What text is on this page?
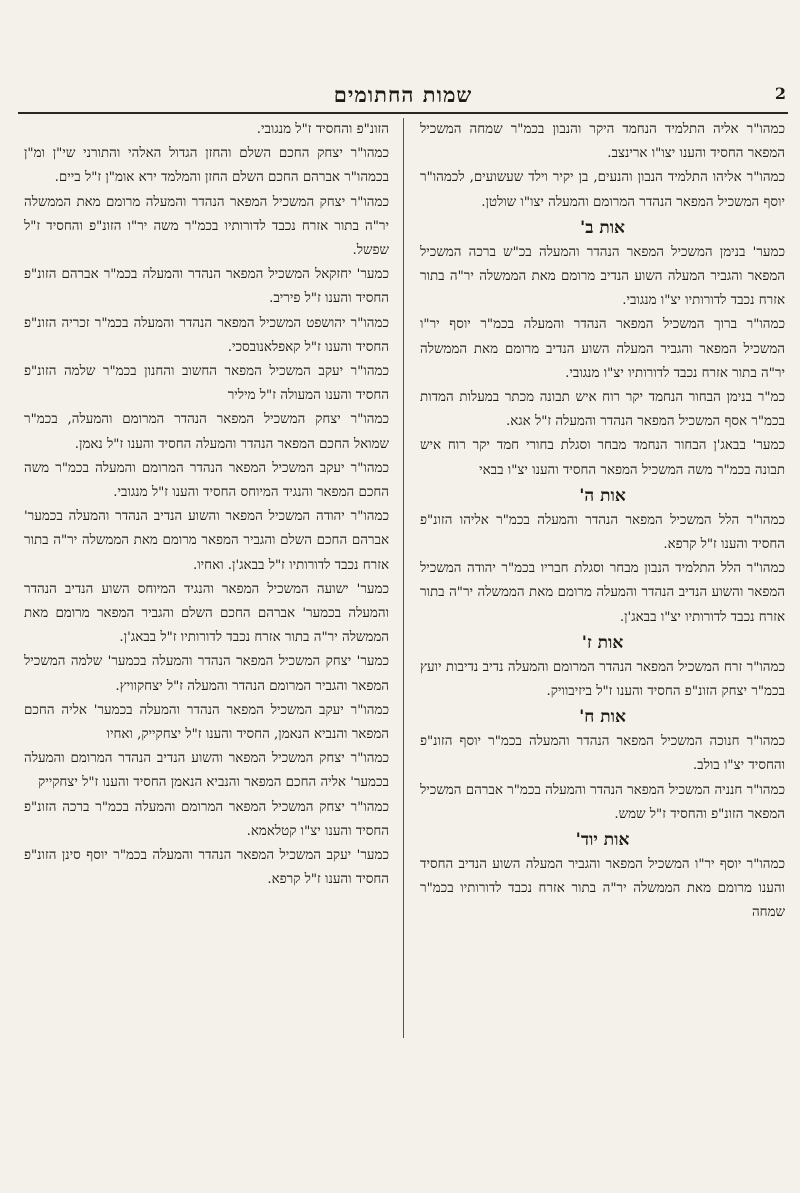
שמות החתומים	2

כמהו"ר אליה התלמיד הנחמד היקר והנבון בכמ"ר שמחה המשכיל המפאר החסיד והענו יצו"ו ארינצב.

כמהו"ר אליהו התלמיד הנבון והנעים, בן יקיר וילד שעשועים, לכמהו"ר יוסף המשכיל המפאר הנהדר המרומם והמעלה יצו"ו שולטן.

אות ב'

כמער' בנימן המשכיל המפאר הנהדר והמעלה בכ"ש ברכה המשכיל המפאר והגביר המעלה השוע הנדיב מרומם מאת הממשלה יר"ה בתור אזרח נכבד לדורותיו יצ"ו מנגובי.

כמהו"ר ברוך המשכיל המפאר הנהדר והמעלה בכמ"ר יוסף יר"ו המשכיל המפאר והגביר המעלה השוע הנדיב מרומם מאת הממשלה יר"ה בתור אזרח נכבד לדורותיו יצ"ו מנגובי.

כמ"ר בנימן הבחור הנחמד יקר רוח איש תבונה מכתר במעלות המדות בכמ"ר אסף המשכיל המפאר הנהדר והמעלה ז"ל אגא.

כמער' בבאג'ן הבחור הנחמד מבחר וסגלת בחורי חמד יקר רוח איש תבונה בכמ"ר משה המשכיל המפאר החסיד והענו יצ"ו בבאי

אות ה'

כמהו"ר הלל המשכיל המפאר הנהדר והמעלה בכמ"ר אליהו הזונ"פ החסיד והענו ז"ל קרפא.

כמהו"ר הלל התלמיד הנבון מבחר וסגלת חבריו בכמ"ר יהודה המשכיל המפאר והשוע הנדיב הנהדר והמעלה מרומם מאת הממשלה יר"ה בתור אזרח נכבד לדורותיו יצ"ו בבאג'ן.

אות ז'

כמהו"ר זרח המשכיל המפאר הנהדר המרומם והמעלה נדיב נדיבות יועץ בכמ"ר יצחק הזונ"פ החסיד והענו ז"ל ביזיבוויק.

אות ח'

כמהו"ר חנוכה המשכיל המפאר הנהדר והמעלה בכמ"ר יוסף הזונ"פ והחסיד יצ"ו בולב.

כמהו"ר חנניה המשכיל המפאר הנהדר והמעלה בכמ"ר אברהם המשכיל המפאר הזונ"פ והחסיד ז"ל שמש.

אות יוד'

כמהו"ר יוסף יר"ו המשכיל המפאר והגביר המעלה השוע הנדיב החסיד והענו מרומם מאת הממשלה יר"ה בתור אזרח נכבד לדורותיו בכמ"ר שמחה

הזונ"פ והחסיד ז"ל מנגובי.

כמהו"ר יצחק החכם השלם והחזן הגדול האלהי והתורני שי"ן ומ"ן בכמהו"ר אברהם החכם השלם החזן והמלמד ירא אומ"ן ז"ל ביים.

כמהו"ר יצחק המשכיל המפאר הנהדר והמעלה מרומם מאת הממשלה יר"ה בתור אזרח נכבד לדורותיו בכמ"ר משה יר"ו הזונ"פ והחסיד ז"ל שפשל.

כמער' יחזקאל המשכיל המפאר הנהדר והמעלה בכמ"ר אברהם הזונ"פ החסיד והענו ז"ל פיריב.

כמהו"ר יהושפט המשכיל המפאר הנהדר והמעלה בכמ"ר זכריה הזונ"פ החסיד והענו ז"ל קאפלאנובסכי.

כמהו"ר יעקב המשכיל המפאר החשוב והחנון בכמ"ר שלמה הזונ"פ החסיד והענו המעולה ז"ל מיליר

כמהו"ר יצחק המשכיל המפאר הנהדר המרומם והמעלה, בכמ"ר שמואל החכם המפאר הנהדר והמעלה החסיד והענו ז"ל נאמן.

כמהו"ר יעקב המשכיל המפאר הנהדר המרומם והמעלה בכמ"ר משה החכם המפאר והנגיד המיוחס החסיד והענו ז"ל מנגובי.

כמהו"ר יהודה המשכיל המפאר והשוע הנדיב הנהדר והמעלה בכמער' אברהם החכם השלם והגביר המפאר מרומם מאת הממשלה יר"ה בתור אזרח נכבד לדורותיו ז"ל בבאג'ן. ואחיו.

כמער' ישועה המשכיל המפאר והנגיד המיוחס השוע הנדיב הנהדר והמעלה בכמער' אברהם החכם השלם והגביר המפאר מרומם מאת הממשלה יר"ה בתור אזרח נכבד לדורותיו ז"ל בבאג'ן.

כמער' יצחק המשכיל המפאר הנהדר והמעלה בכמער' שלמה המשכיל המפאר והגביר המרומם הנהדר והמעלה ז"ל יצחקוויץ.

כמהו"ר יעקב המשכיל המפאר הנהדר והמעלה בכמער' אליה החכם המפאר והנביא הנאמן, החסיד והענו ז"ל יצחקייק, ואחיו

כמהו"ר יצחק המשכיל המפאר והשוע הנדיב הנהדר המרומם והמעלה בכמער' אליה החכם המפאר והנביא הנאמן החסיד והענו ז"ל יצחקייק

כמהו"ר יצחק המשכיל המפאר המרומם והמעלה בכמ"ר ברכה הזונ"פ החסיד והענו יצ"ו קטלאמא.

כמער' יעקב המשכיל המפאר הנהדר והמעלה בכמ"ר יוסף סינן הזונ"פ החסיד והענו ז"ל קרפא.
